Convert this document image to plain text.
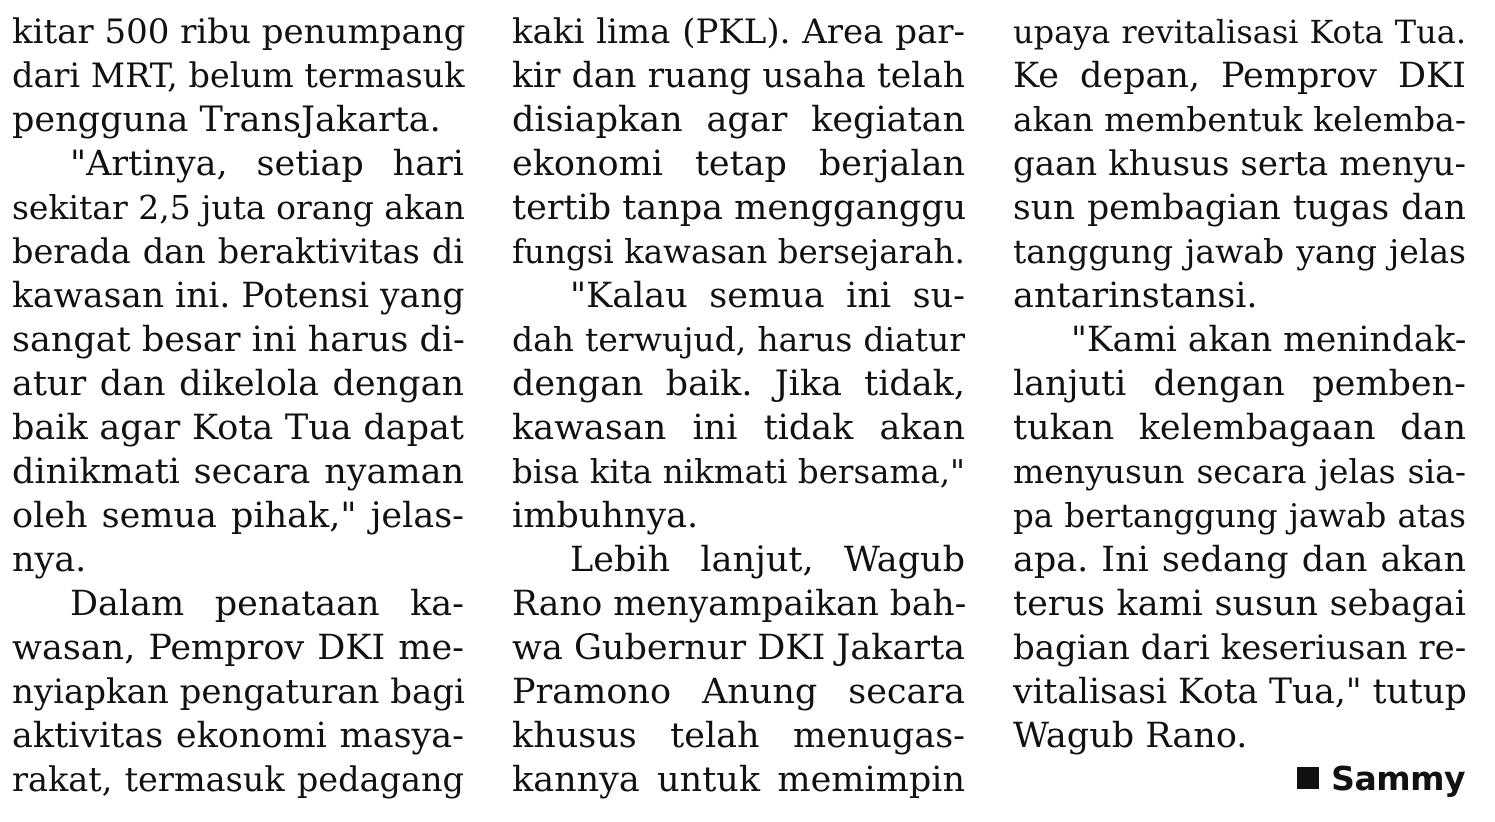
kitar 500 ribu penumpang
dari MRT, belum termasuk
pengguna TransJakarta.
"Artinya, setiap hari
sekitar 2,5 juta orang akan
berada dan beraktivitas di
kawasan ini. Potensi yang
sangat besar ini harus di-
atur dan dikelola dengan
baik agar Kota Tua dapat
dinikmati secara nyaman
oleh semua pihak," jelas-
nya.
Dalam penataan ka-
wasan, Pemprov DKI me-
nyiapkan pengaturan bagi
aktivitas ekonomi masya-
rakat, termasuk pedagang
kaki lima (PKL). Area par-
kir dan ruang usaha telah
disiapkan agar kegiatan
ekonomi tetap berjalan
tertib tanpa mengganggu
fungsi kawasan bersejarah.
"Kalau semua ini su-
dah terwujud, harus diatur
dengan baik. Jika tidak,
kawasan ini tidak akan
bisa kita nikmati bersama,"
imbuhnya.
Lebih lanjut, Wagub
Rano menyampaikan bah-
wa Gubernur DKI Jakarta
Pramono Anung secara
khusus telah menugas-
kannya untuk memimpin
upaya revitalisasi Kota Tua.
Ke depan, Pemprov DKI
akan membentuk kelemba-
gaan khusus serta menyu-
sun pembagian tugas dan
tanggung jawab yang jelas
antarinstansi.
"Kami akan menindak-
lanjuti dengan pemben-
tukan kelembagaan dan
menyusun secara jelas sia-
pa bertanggung jawab atas
apa. Ini sedang dan akan
terus kami susun sebagai
bagian dari keseriusan re-
vitalisasi Kota Tua," tutup
Wagub Rano.
Sammy
